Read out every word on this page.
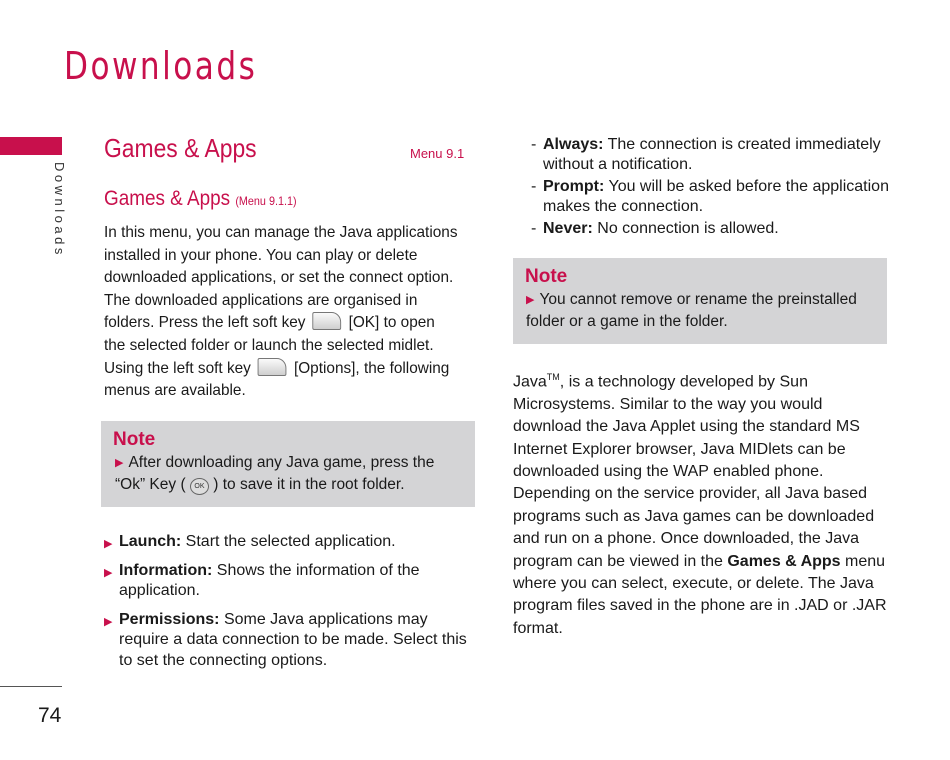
Downloads
Downloads
74
Games & Apps	Menu 9.1
Games & Apps (Menu 9.1.1)
In this menu, you can manage the Java applications installed in your phone. You can play or delete downloaded applications, or set the connect option. The downloaded applications are organised in folders. Press the left soft key	[OK] to open the selected folder or launch the selected midlet. Using the left soft key	[Options], the following menus are available.
Note
▶ After downloading any Java game, press the “Ok” Key ( OK ) to save it in the root folder.
▶ Launch: Start the selected application.
▶ Information: Shows the information of the application.
▶ Permissions: Some Java applications may require a data connection to be made. Select this to set the connecting options.
- Always: The connection is created immediately without a notification.
- Prompt: You will be asked before the application makes the connection.
- Never: No connection is allowed.
Note
▶ You cannot remove or rename the preinstalled folder or a game in the folder.
Java™, is a technology developed by Sun Microsystems. Similar to the way you would download the Java Applet using the standard MS Internet Explorer browser, Java MIDlets can be downloaded using the WAP enabled phone. Depending on the service provider, all Java based programs such as Java games can be downloaded and run on a phone. Once downloaded, the Java program can be viewed in the Games & Apps menu where you can select, execute, or delete. The Java program files saved in the phone are in .JAD or .JAR format.
